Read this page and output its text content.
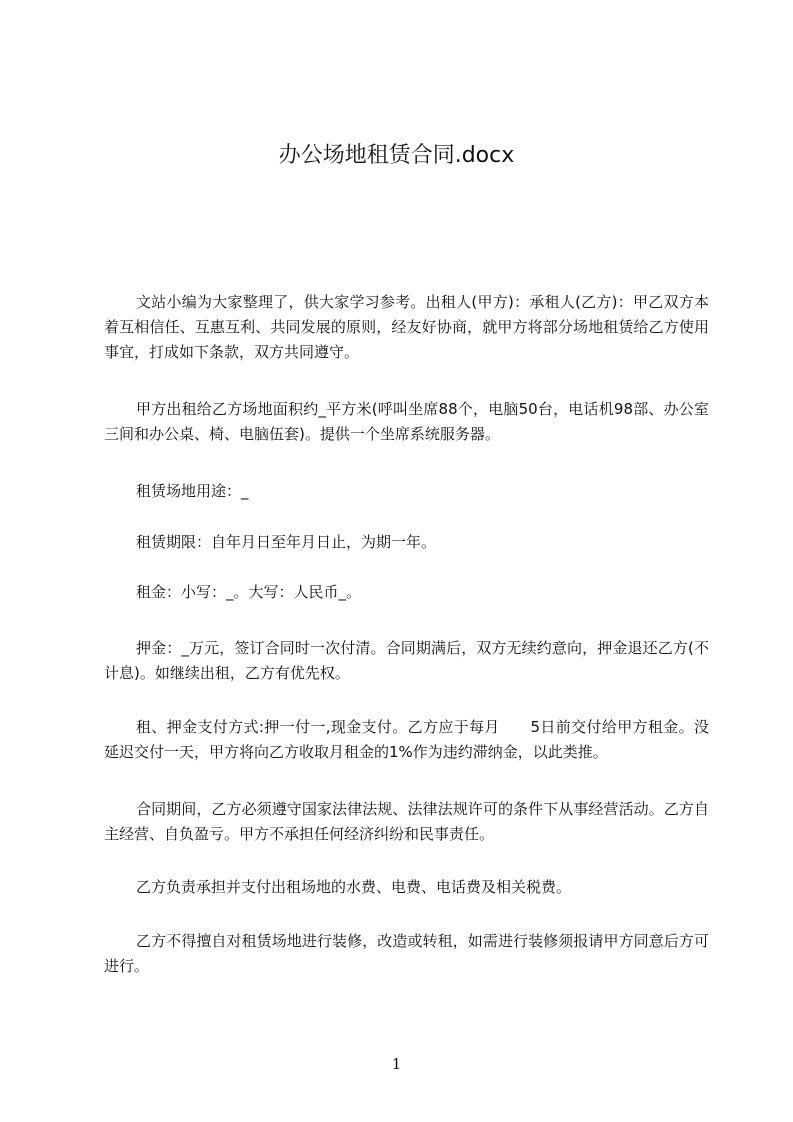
办公场地租赁合同.docx

文站小编为大家整理了，供大家学习参考。出租人(甲方)：承租人(乙方)：甲乙双方本着互相信任、互惠互利、共同发展的原则，经友好协商，就甲方将部分场地租赁给乙方使用事宜，打成如下条款，双方共同遵守。

甲方出租给乙方场地面积约_平方米(呼叫坐席88个，电脑50台，电话机98部、办公室三间和办公桌、椅、电脑伍套)。提供一个坐席系统服务器。

租赁场地用途：_

租赁期限：自年月日至年月日止，为期一年。

租金：小写：_。大写：人民币_。

押金：_万元，签订合同时一次付清。合同期满后，双方无续约意向，押金退还乙方(不计息)。如继续出租，乙方有优先权。

租、押金支付方式:押一付一,现金支付。乙方应于每月　　5日前交付给甲方租金。没延迟交付一天，甲方将向乙方收取月租金的1%作为违约滞纳金，以此类推。

合同期间，乙方必须遵守国家法律法规、法律法规许可的条件下从事经营活动。乙方自主经营、自负盈亏。甲方不承担任何经济纠纷和民事责任。

乙方负责承担并支付出租场地的水费、电费、电话费及相关税费。

乙方不得擅自对租赁场地进行装修，改造或转租，如需进行装修须报请甲方同意后方可进行。

1
